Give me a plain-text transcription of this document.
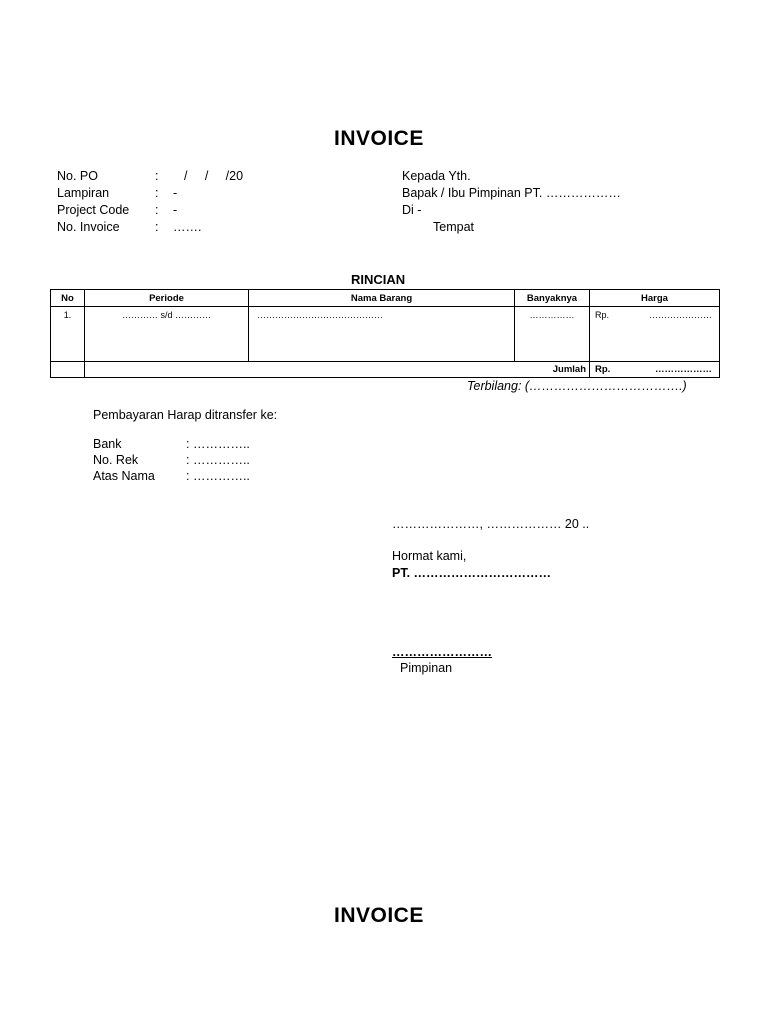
INVOICE
No. PO	: /     /     /20
Lampiran	: -
Project Code : -
No. Invoice	: …….
Kepada Yth.
Bapak / Ibu Pimpinan PT. ………………
Di -
Tempat
RINCIAN
No	Periode	Nama Barang	Banyaknya	Harga
1.	………… s/d …………	……………………………………	……………	Rp. …………………

	Jumlah			Rp. ………………
Terbilang: (……………………………….)
Pembayaran Harap ditransfer ke:
Bank	: …………..
No. Rek	: …………..
Atas Nama : …………..
…………………, ……………… 20 ..
Hormat kami,
PT. ……………………………
……………………
Pimpinan
INVOICE
